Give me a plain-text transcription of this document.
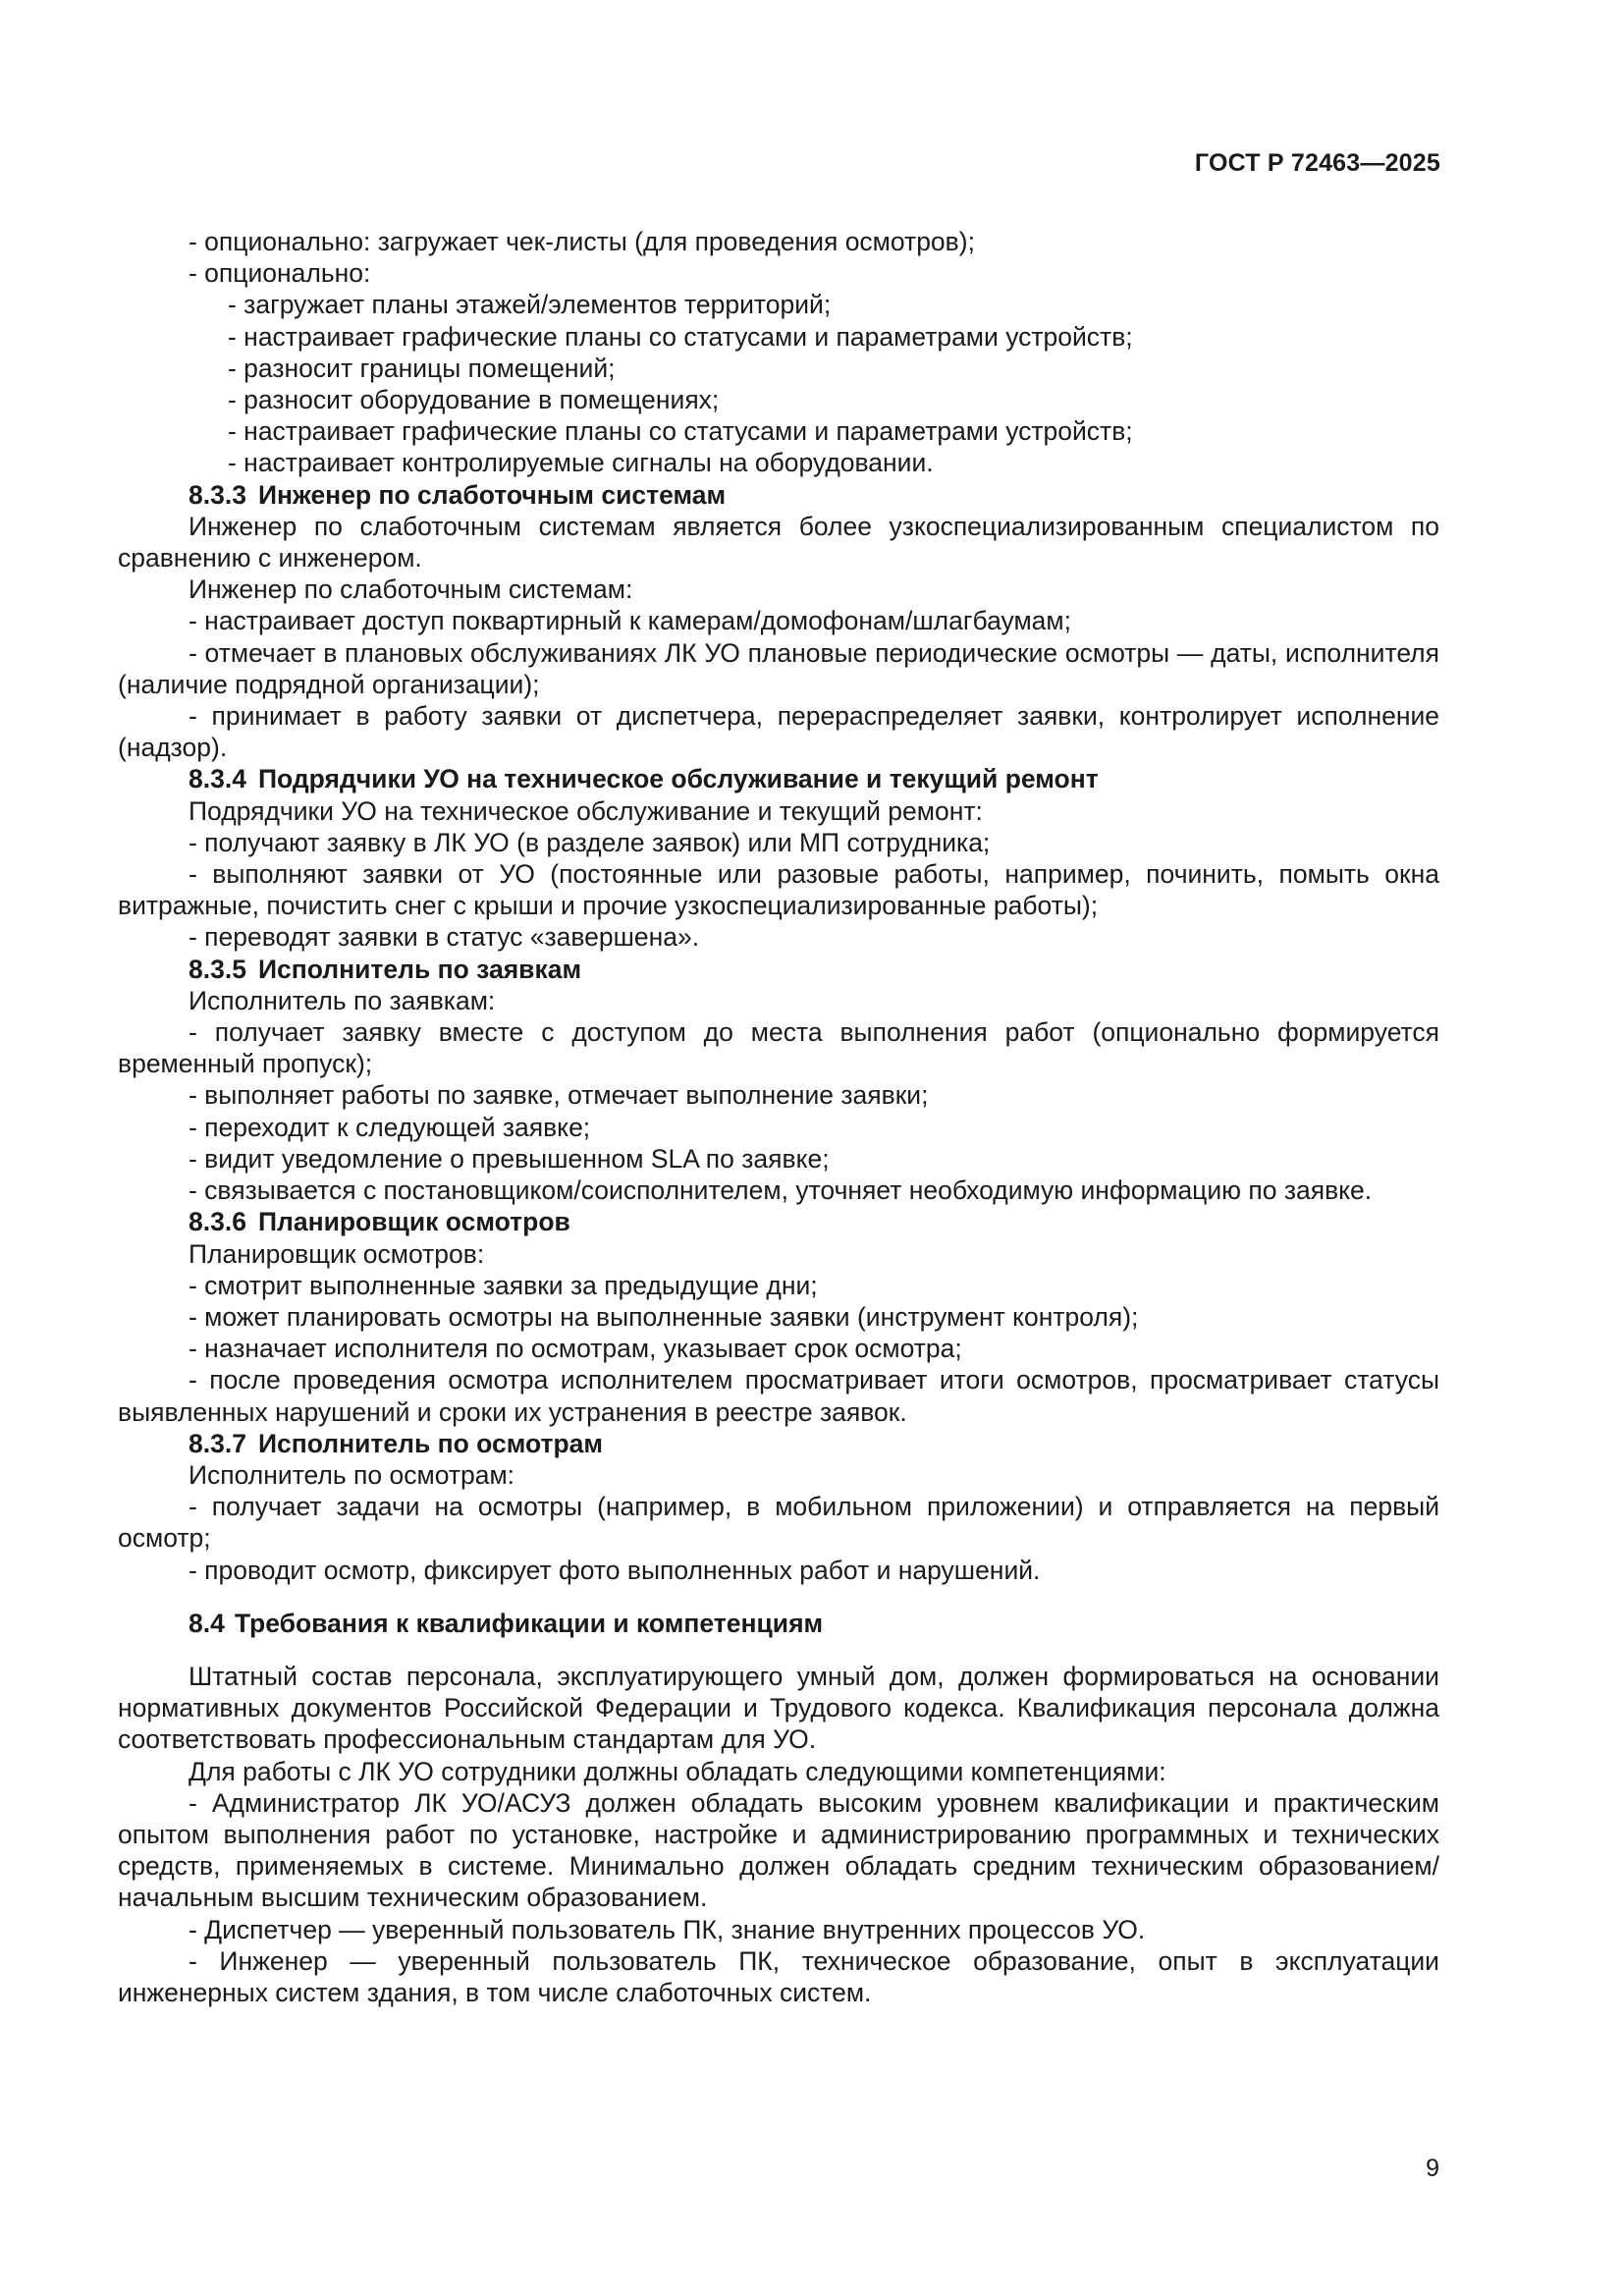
ГОСТ Р 72463—2025

- опционально: загружает чек-листы (для проведения осмотров);

- опционально:

- загружает планы этажей/элементов территорий;

- настраивает графические планы со статусами и параметрами устройств;

- разносит границы помещений;

- разносит оборудование в помещениях;

- настраивает графические планы со статусами и параметрами устройств;

- настраивает контролируемые сигналы на оборудовании.

8.3.3 Инженер по слаботочным системам

Инженер по слаботочным системам является более узкоспециализированным специалистом по сравнению с инженером.

Инженер по слаботочным системам:

- настраивает доступ поквартирный к камерам/домофонам/шлагбаумам;

- отмечает в плановых обслуживаниях ЛК УО плановые периодические осмотры — даты, исполнителя (наличие подрядной организации);

- принимает в работу заявки от диспетчера, перераспределяет заявки, контролирует исполнение (надзор).

8.3.4 Подрядчики УО на техническое обслуживание и текущий ремонт

Подрядчики УО на техническое обслуживание и текущий ремонт:

- получают заявку в ЛК УО (в разделе заявок) или МП сотрудника;

- выполняют заявки от УО (постоянные или разовые работы, например, починить, помыть окна витражные, почистить снег с крыши и прочие узкоспециализированные работы);

- переводят заявки в статус «завершена».

8.3.5 Исполнитель по заявкам

Исполнитель по заявкам:

- получает заявку вместе с доступом до места выполнения работ (опционально формируется временный пропуск);

- выполняет работы по заявке, отмечает выполнение заявки;

- переходит к следующей заявке;

- видит уведомление о превышенном SLA по заявке;

- связывается с постановщиком/соисполнителем, уточняет необходимую информацию по заявке.

8.3.6 Планировщик осмотров

Планировщик осмотров:

- смотрит выполненные заявки за предыдущие дни;

- может планировать осмотры на выполненные заявки (инструмент контроля);

- назначает исполнителя по осмотрам, указывает срок осмотра;

- после проведения осмотра исполнителем просматривает итоги осмотров, просматривает статусы выявленных нарушений и сроки их устранения в реестре заявок.

8.3.7 Исполнитель по осмотрам

Исполнитель по осмотрам:

- получает задачи на осмотры (например, в мобильном приложении) и отправляется на первый осмотр;

- проводит осмотр, фиксирует фото выполненных работ и нарушений.

8.4 Требования к квалификации и компетенциям

Штатный состав персонала, эксплуатирующего умный дом, должен формироваться на основании нормативных документов Российской Федерации и Трудового кодекса. Квалификация персонала должна соответствовать профессиональным стандартам для УО.

Для работы с ЛК УО сотрудники должны обладать следующими компетенциями:

- Администратор ЛК УО/АСУЗ должен обладать высоким уровнем квалификации и практическим опытом выполнения работ по установке, настройке и администрированию программных и технических средств, применяемых в системе. Минимально должен обладать средним техническим образованием/начальным высшим техническим образованием.

- Диспетчер — уверенный пользователь ПК, знание внутренних процессов УО.

- Инженер — уверенный пользователь ПК, техническое образование, опыт в эксплуатации инженерных систем здания, в том числе слаботочных систем.

9
